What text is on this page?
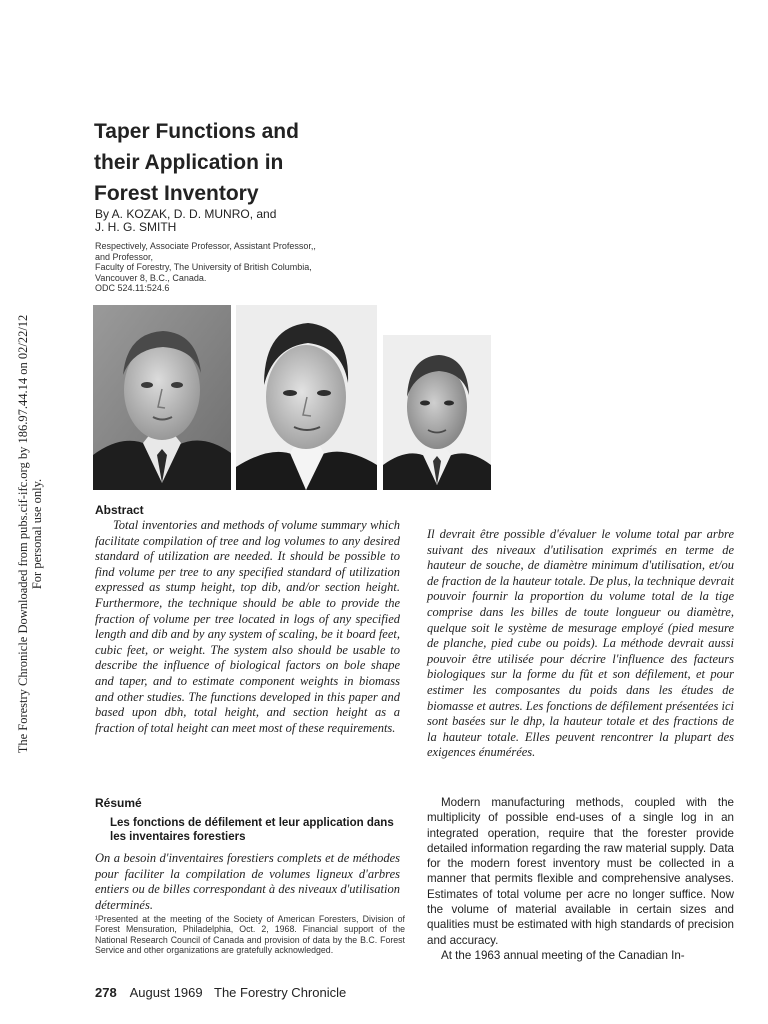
The Forestry Chronicle Downloaded from pubs.cif-ifc.org by 186.97.44.14 on 02/22/12 For personal use only.
Taper Functions and
their Application in
Forest Inventory
By A. KOZAK, D. D. MUNRO, and
J. H. G. SMITH
Respectively, Associate Professor, Assistant Professor,,
and Professor,
Faculty of Forestry, The University of British Columbia,
Vancouver 8, B.C., Canada.
ODC 524.11:524.6
Abstract
Total inventories and methods of volume summary which facilitate compilation of tree and log volumes to any desired standard of utilization are needed. It should be possible to find volume per tree to any specified standard of utilization expressed as stump height, top dib, and/or section height. Furthermore, the technique should be able to provide the fraction of volume per tree located in logs of any specified length and dib and by any system of scaling, be it board feet, cubic feet, or weight. The system also should be usable to describe the influence of biological factors on bole shape and taper, and to estimate component weights in biomass and other studies. The functions developed in this paper and based upon dbh, total height, and section height as a fraction of total height can meet most of these requirements.
Résumé
Les fonctions de défilement et leur application dans les inventaires forestiers
On a besoin d'inventaires forestiers complets et de méthodes pour faciliter la compilation de volumes ligneux d'arbres entiers ou de billes correspondant à des niveaux d'utilisation déterminés.
¹Presented at the meeting of the Society of American Foresters, Division of Forest Mensuration, Philadelphia, Oct. 2, 1968. Financial support of the National Research Council of Canada and provision of data by the B.C. Forest Service and other organizations are gratefully acknowledged.
278 August 1969 The Forestry Chronicle
Il devrait être possible d'évaluer le volume total par arbre suivant des niveaux d'utilisation exprimés en terme de hauteur de souche, de diamètre minimum d'utilisation, et/ou de fraction de la hauteur totale. De plus, la technique devrait pouvoir fournir la proportion du volume total de la tige comprise dans les billes de toute longueur ou diamètre, quelque soit le système de mesurage employé (pied mesure de planche, pied cube ou poids). La méthode devrait aussi pouvoir être utilisée pour décrire l'influence des facteurs biologiques sur la forme du fût et son défilement, et pour estimer les composantes du poids dans les études de biomasse et autres. Les fonctions de défilement présentées ici sont basées sur le dhp, la hauteur totale et des fractions de la hauteur totale. Elles peuvent rencontrer la plupart des exigences énumérées.

Modern manufacturing methods, coupled with the multiplicity of possible end-uses of a single log in an integrated operation, require that the forester provide detailed information regarding the raw material supply. Data for the modern forest inventory must be collected in a manner that permits flexible and comprehensive analyses. Estimates of total volume per acre no longer suffice. Now the volume of material available in certain sizes and qualities must be estimated with high standards of precision and accuracy.

At the 1963 annual meeting of the Canadian In-
